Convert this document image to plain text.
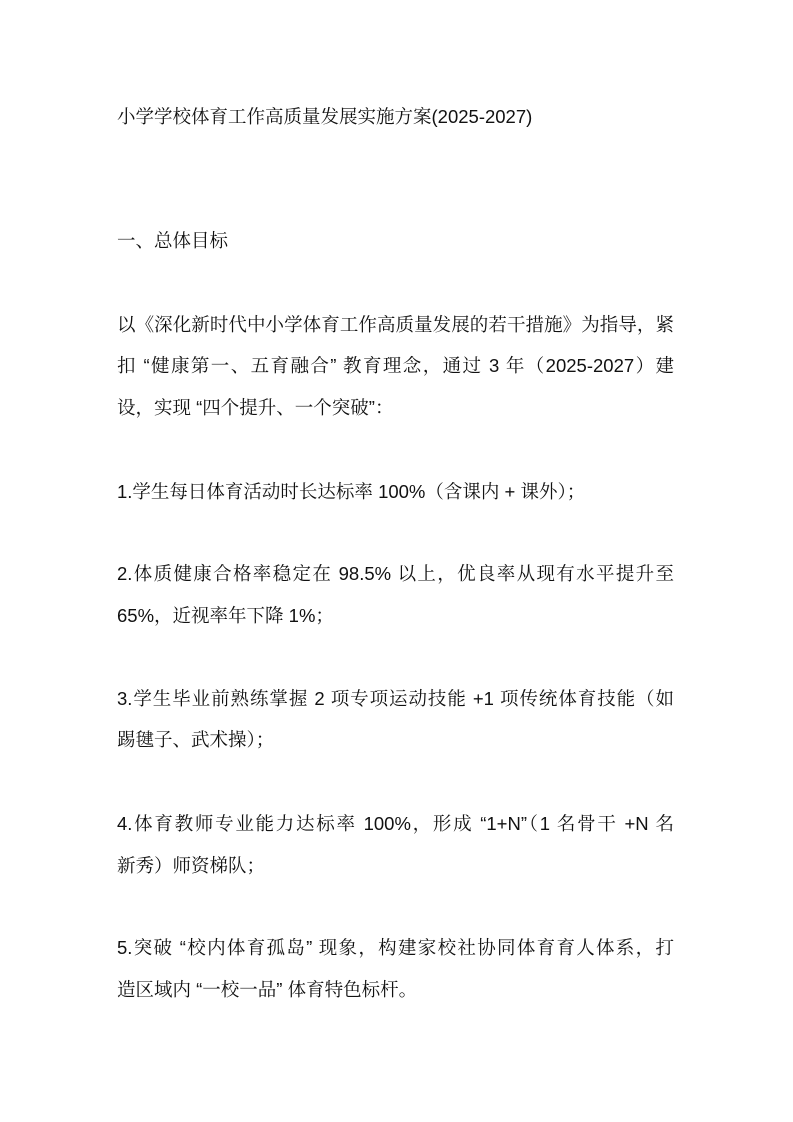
小学学校体育工作高质量发展实施方案(2025-2027)
一、总体目标
以《深化新时代中小学体育工作高质量发展的若干措施》为指导，紧
扣 “健康第一、五育融合” 教育理念，通过 3 年（2025-2027）建
设，实现 “四个提升、一个突破”：
1.学生每日体育活动时长达标率 100%（含课内 + 课外）；
2.体质健康合格率稳定在 98.5% 以上，优良率从现有水平提升至
65%，近视率年下降 1%；
3.学生毕业前熟练掌握 2 项专项运动技能 +1 项传统体育技能（如
踢毽子、武术操）；
4.体育教师专业能力达标率 100%，形成 “1+N”（1 名骨干 +N 名
新秀）师资梯队；
5.突破 “校内体育孤岛” 现象，构建家校社协同体育育人体系，打
造区域内 “一校一品” 体育特色标杆。
